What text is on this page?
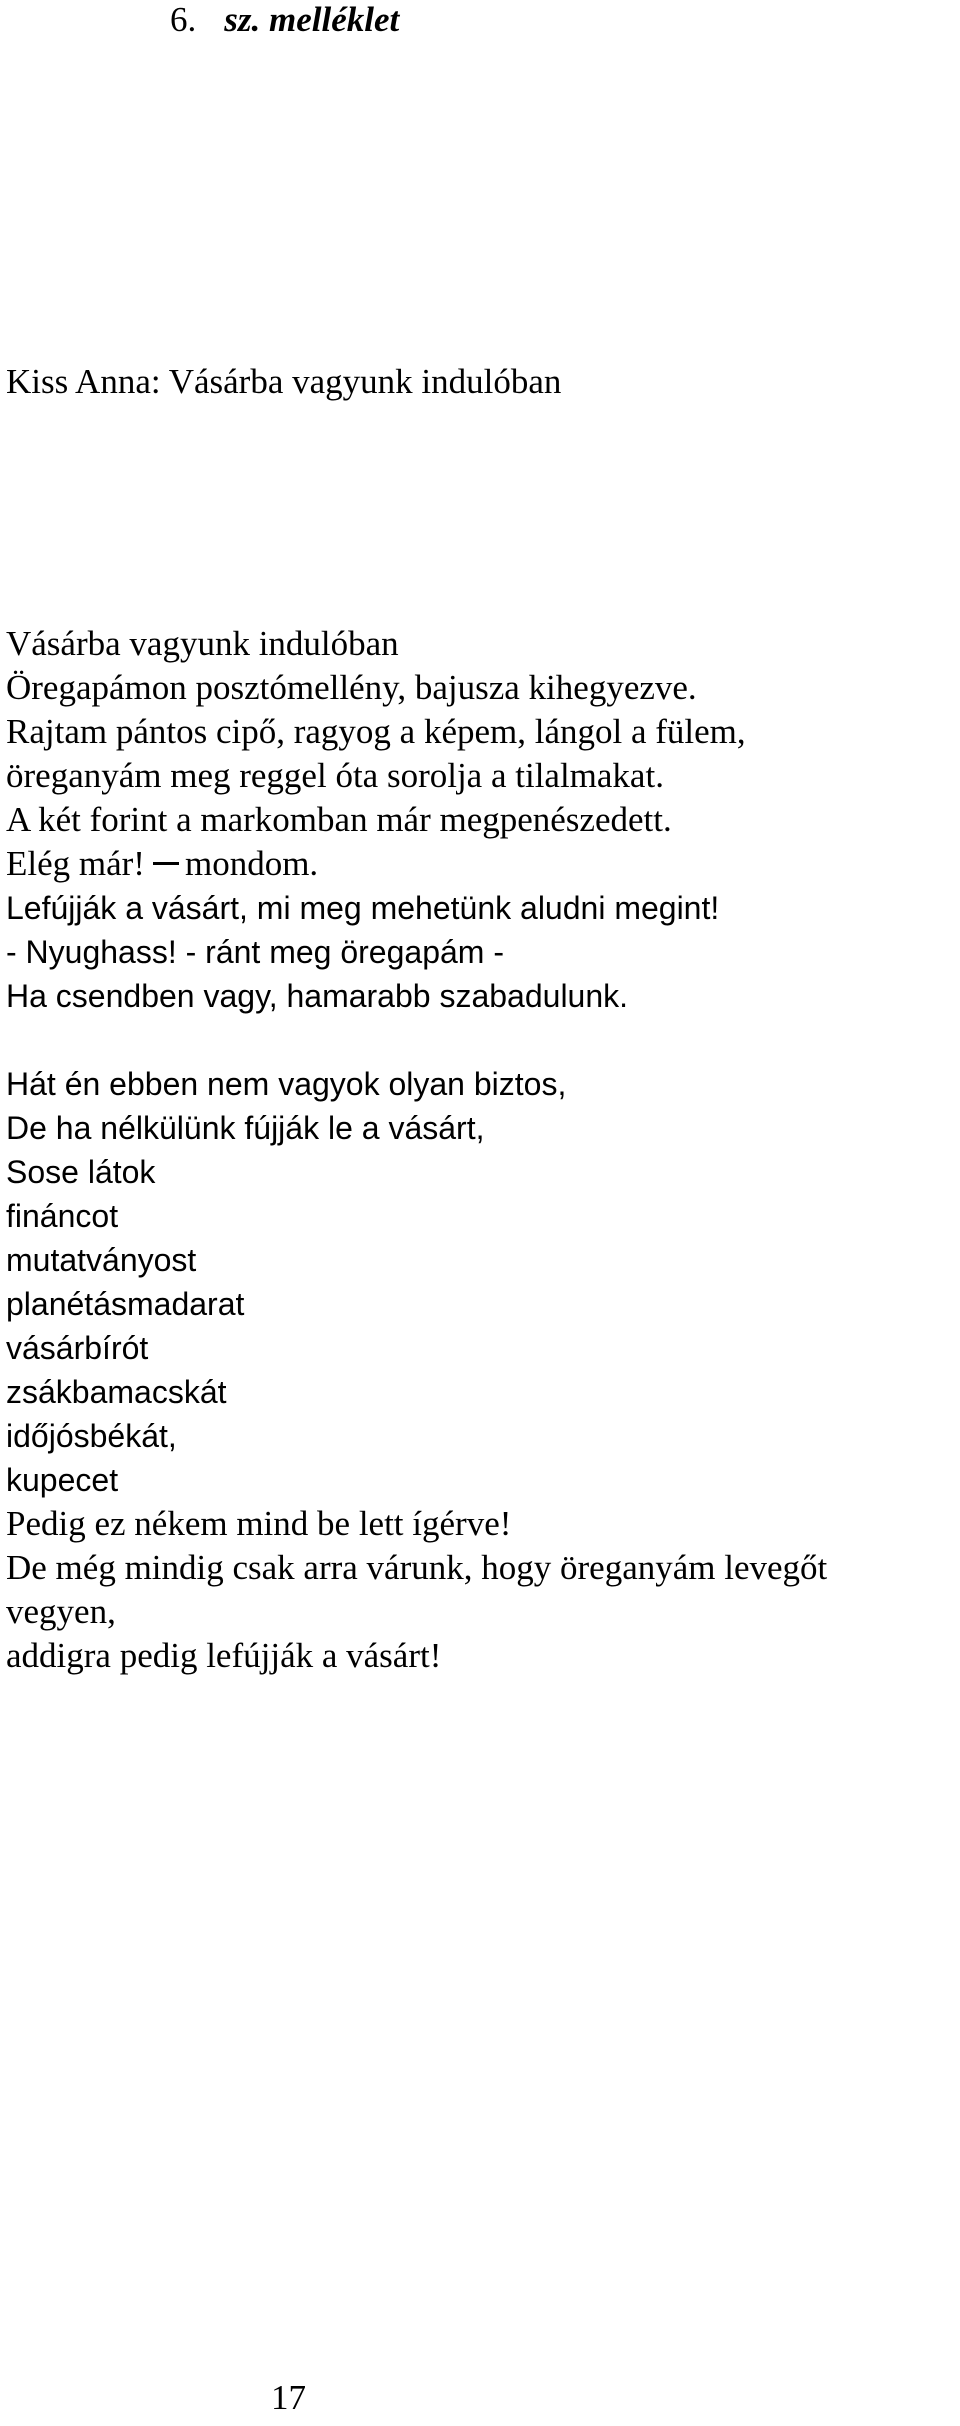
6. sz. melléklet
Kiss Anna: Vásárba vagyunk indulóban
Vásárba vagyunk indulóban
Öregapámon posztómellény, bajusza kihegyezve.
Rajtam pántos cipő, ragyog a képem, lángol a fülem,
öreganyám meg reggel óta sorolja a tilalmakat.
A két forint a markomban már megpenészedett.
Elég már! mondom.
Lefújják a vásárt, mi meg mehetünk aludni megint!
- Nyughass! - ránt meg öregapám -
Ha csendben vagy, hamarabb szabadulunk.
Hát én ebben nem vagyok olyan biztos,
De ha nélkülünk fújják le a vásárt,
Sose látok
fináncot
mutatványost
planétásmadarat
vásárbírót
zsákbamacskát
időjósbékát,
kupecet
Pedig ez nékem mind be lett ígérve!
De még mindig csak arra várunk, hogy öreganyám levegőt
vegyen,
addigra pedig lefújják a vásárt!
17
